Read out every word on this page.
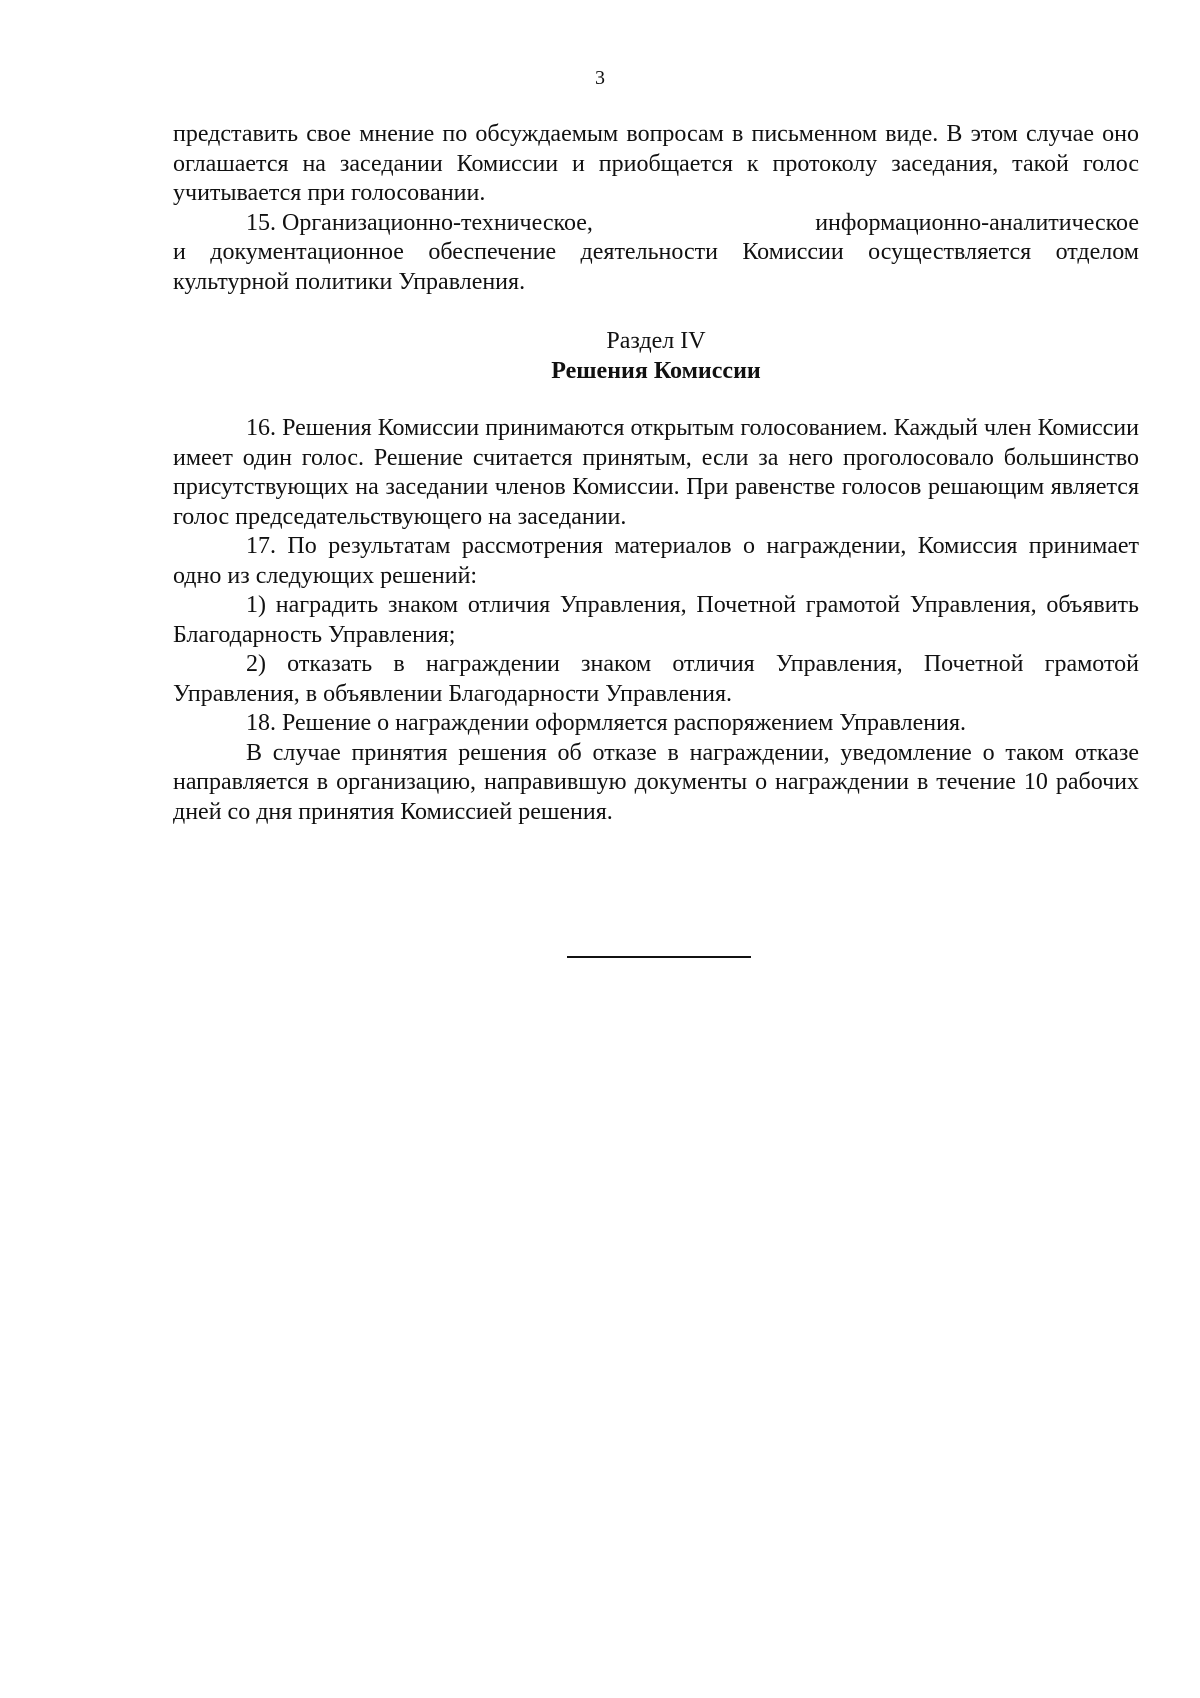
3

представить свое мнение по обсуждаемым вопросам в письменном виде. В этом случае оно оглашается на заседании Комиссии и приобщается к протоколу заседания, такой голос учитывается при голосовании.

15. Организационно-техническое,	информационно-аналитическое

и документационное обеспечение деятельности Комиссии осуществляется отделом культурной политики Управления.

Раздел IV
Решения Комиссии

16. Решения Комиссии принимаются открытым голосованием. Каждый член Комиссии имеет один голос. Решение считается принятым, если за него проголосовало большинство присутствующих на заседании членов Комиссии. При равенстве голосов решающим является голос председательствующего на заседании.

17. По результатам рассмотрения материалов о награждении, Комиссия принимает одно из следующих решений:

1) наградить знаком отличия Управления, Почетной грамотой Управления, объявить Благодарность Управления;

2) отказать в награждении знаком отличия Управления, Почетной грамотой Управления, в объявлении Благодарности Управления.

18. Решение о награждении оформляется распоряжением Управления.

В случае принятия решения об отказе в награждении, уведомление о таком отказе направляется в организацию, направившую документы о награждении в течение 10 рабочих дней со дня принятия Комиссией решения.
